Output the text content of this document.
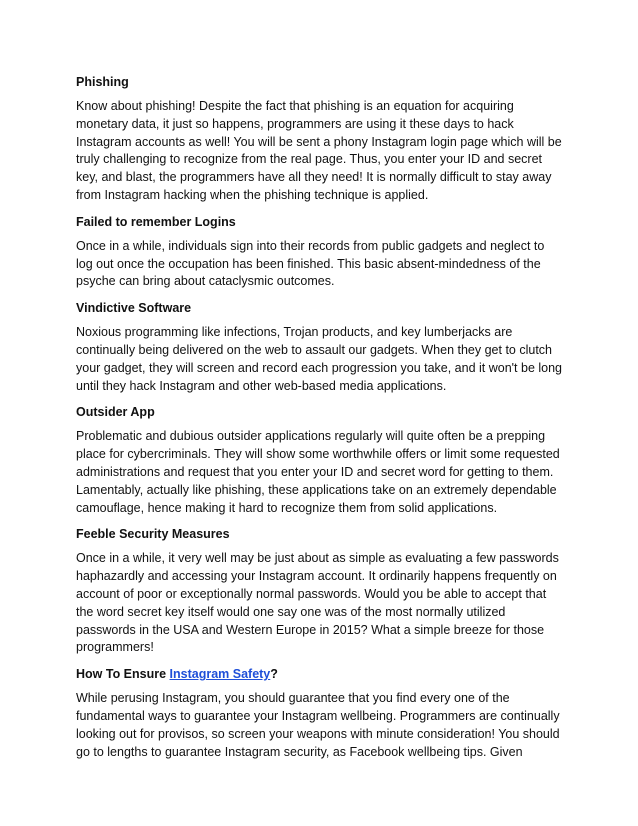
Phishing
Know about phishing! Despite the fact that phishing is an equation for acquiring
monetary data, it just so happens, programmers are using it these days to hack
Instagram accounts as well! You will be sent a phony Instagram login page which will be
truly challenging to recognize from the real page. Thus, you enter your ID and secret
key, and blast, the programmers have all they need! It is normally difficult to stay away
from Instagram hacking when the phishing technique is applied.
Failed to remember Logins
Once in a while, individuals sign into their records from public gadgets and neglect to
log out once the occupation has been finished. This basic absent-mindedness of the
psyche can bring about cataclysmic outcomes.
Vindictive Software
Noxious programming like infections, Trojan products, and key lumberjacks are
continually being delivered on the web to assault our gadgets. When they get to clutch
your gadget, they will screen and record each progression you take, and it won't be long
until they hack Instagram and other web-based media applications.
Outsider App
Problematic and dubious outsider applications regularly will quite often be a prepping
place for cybercriminals. They will show some worthwhile offers or limit some requested
administrations and request that you enter your ID and secret word for getting to them.
Lamentably, actually like phishing, these applications take on an extremely dependable
camouflage, hence making it hard to recognize them from solid applications.
Feeble Security Measures
Once in a while, it very well may be just about as simple as evaluating a few passwords
haphazardly and accessing your Instagram account. It ordinarily happens frequently on
account of poor or exceptionally normal passwords. Would you be able to accept that
the word secret key itself would one say one was of the most normally utilized
passwords in the USA and Western Europe in 2015? What a simple breeze for those
programmers!
How To Ensure Instagram Safety?
While perusing Instagram, you should guarantee that you find every one of the
fundamental ways to guarantee your Instagram wellbeing. Programmers are continually
looking out for provisos, so screen your weapons with minute consideration! You should
go to lengths to guarantee Instagram security, as Facebook wellbeing tips. Given
